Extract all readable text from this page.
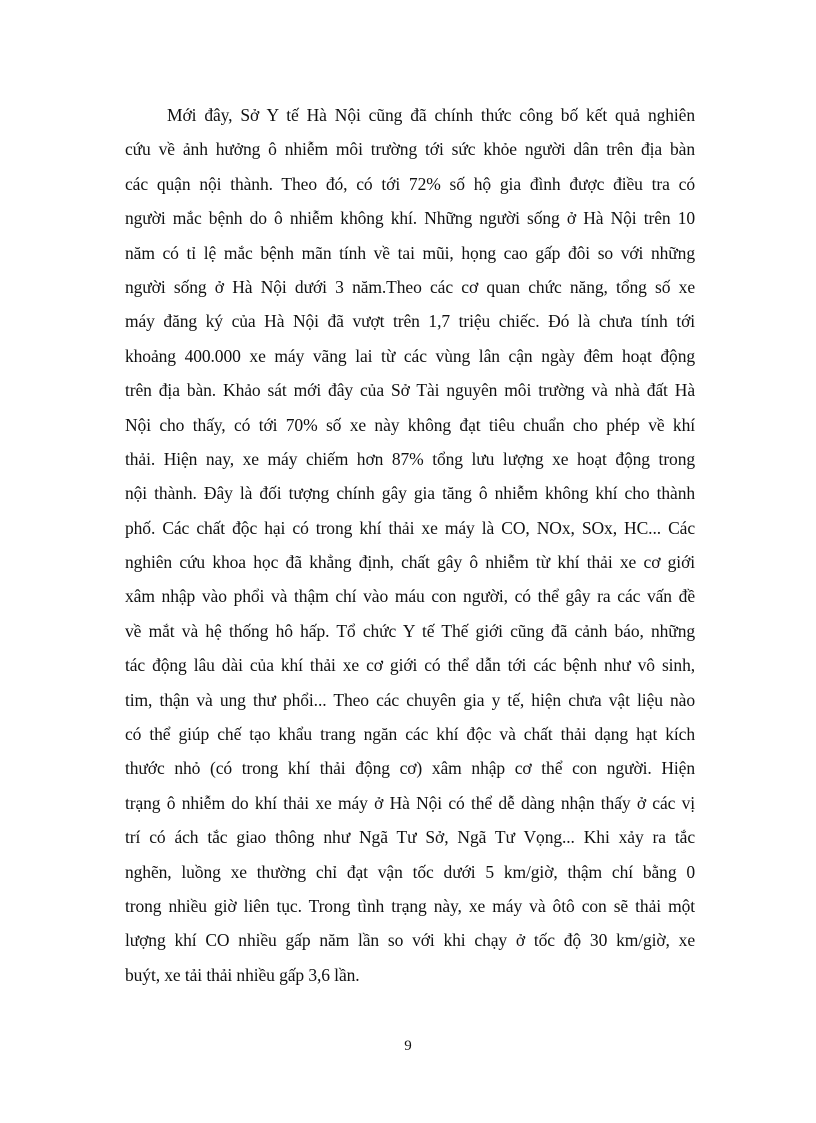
Mới đây, Sở Y tế Hà Nội cũng đã chính thức công bố kết quả nghiên
cứu về ảnh hưởng ô nhiễm môi trường tới sức khỏe người dân trên địa bàn
các quận nội thành. Theo đó, có tới 72% số hộ gia đình được điều tra có
người mắc bệnh do ô nhiễm không khí. Những người sống ở Hà Nội trên 10
năm có tỉ lệ mắc bệnh mãn tính về tai mũi, họng cao gấp đôi so với những
người sống ở Hà Nội dưới 3 năm.Theo các cơ quan chức năng, tổng số xe
máy đăng ký của Hà Nội đã vượt trên 1,7 triệu chiếc. Đó là chưa tính tới
khoảng 400.000 xe máy vãng lai từ các vùng lân cận ngày đêm hoạt động
trên địa bàn. Khảo sát mới đây của Sở Tài nguyên môi trường và nhà đất Hà
Nội cho thấy, có tới 70% số xe này không đạt tiêu chuẩn cho phép về khí
thải. Hiện nay, xe máy chiếm hơn 87% tổng lưu lượng xe hoạt động trong
nội thành. Đây là đối tượng chính gây gia tăng ô nhiễm không khí cho thành
phố. Các chất độc hại có trong khí thải xe máy là CO, NOx, SOx, HC... Các
nghiên cứu khoa học đã khẳng định, chất gây ô nhiễm từ khí thải xe cơ giới
xâm nhập vào phổi và thậm chí vào máu con người, có thể gây ra các vấn đề
về mắt và hệ thống hô hấp. Tổ chức Y tế Thế giới cũng đã cảnh báo, những
tác động lâu dài của khí thải xe cơ giới có thể dẫn tới các bệnh như vô sinh,
tim, thận và ung thư phổi... Theo các chuyên gia y tế, hiện chưa vật liệu nào
có thể giúp chế tạo khẩu trang ngăn các khí độc và chất thải dạng hạt kích
thước nhỏ (có trong khí thải động cơ) xâm nhập cơ thể con người. Hiện
trạng ô nhiễm do khí thải xe máy ở Hà Nội có thể dễ dàng nhận thấy ở các vị
trí có ách tắc giao thông như Ngã Tư Sở, Ngã Tư Vọng... Khi xảy ra tắc
nghẽn, luồng xe thường chỉ đạt vận tốc dưới 5 km/giờ, thậm chí bằng 0
trong nhiều giờ liên tục. Trong tình trạng này, xe máy và ôtô con sẽ thải một
lượng khí CO nhiều gấp năm lần so với khi chạy ở tốc độ 30 km/giờ, xe
buýt, xe tải thải nhiều gấp 3,6 lần.
9
